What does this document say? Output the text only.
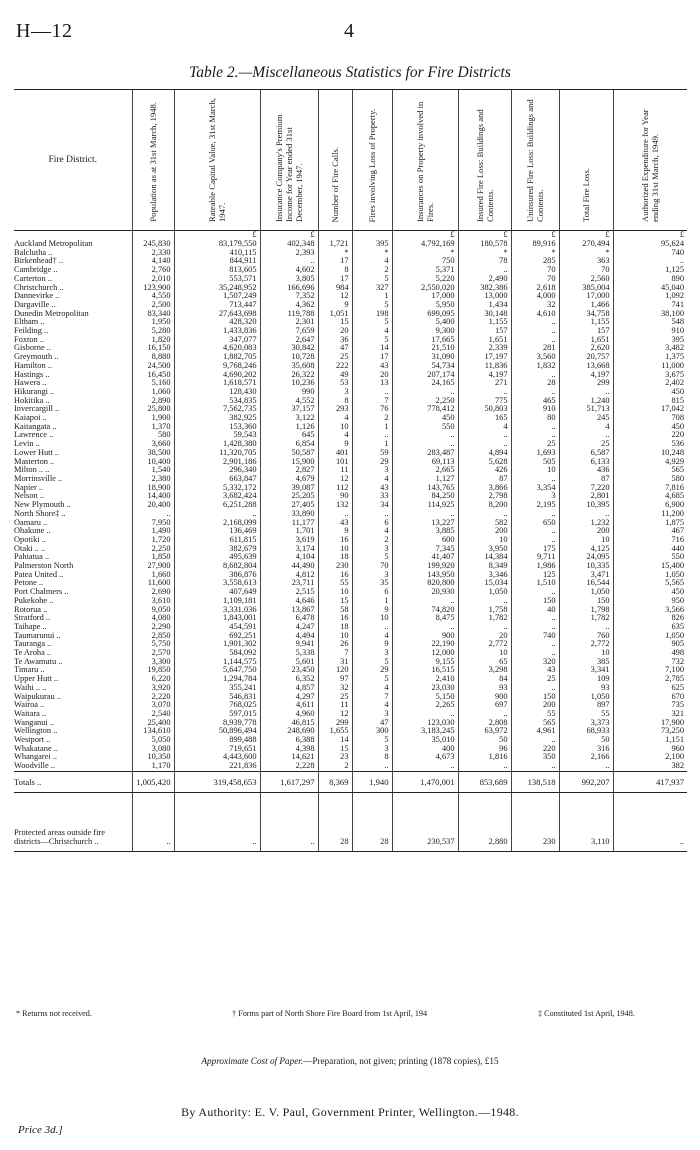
H—12	4
Table 2.—Miscellaneous Statistics for Fire Districts
Fire District.	Population as at 31st March, 1948.	Rateable Capital Value, 31st March, 1947.	Insurance Company's Premium Income for Year ended 31st December, 1947.	Number of Fire Calls.	Fires involving Loss of Property.	Insurances on Property involved in Fires.	Insured Fire Loss: Buildings and Contents.	Uninsured Fire Loss: Buildings and Contents.	Total Fire Loss.	Authorized Expenditure for Year ending 31st March, 1949.

		£	£			£	£	£	£	£
Auckland Metropolitan	245,830	83,179,550	402,348	1,721	395	4,792,169	180,578	89,916	270,494	95,624
Balclutha ..	2,330	410,115	2,393	*	*	*	*	*	*	740
Birkenhead† ..	4,140	844,911	..	17	4	750	78	285	363	..
Cambridge ..	2,760	813,605	4,602	8	2	5,371	..	70	70	1,125
Carterton ..	2,010	553,571	3,805	17	5	5,220	2,490	70	2,560	890
Christchurch ..	123,900	35,248,952	166,696	984	327	2,550,020	382,386	2,618	385,004	45,040
Dannevirke ..	4,550	1,507,249	7,352	12	1	17,000	13,000	4,000	17,000	1,092
Dargaville ..	2,500	713,447	4,362	9	5	5,950	1,434	32	1,466	741
Dunedin Metropolitan	83,340	27,643,698	119,788	1,051	198	699,095	30,148	4,610	34,758	38,100
Eltham ..	1,950	428,320	2,301	15	5	5,400	1,155	..	1,155	548
Feilding ..	5,280	1,433,836	7,659	20	4	9,300	157	..	157	910
Foxton ..	1,820	347,077	2,647	36	5	17,665	1,651	..	1,651	395
Gisborne ..	16,150	4,620,083	30,842	47	14	21,510	2,339	281	2,620	3,482
Greymouth ..	8,880	1,882,705	10,728	25	17	31,090	17,197	3,560	20,757	1,375
Hamilton ..	24,500	9,768,246	35,608	222	43	54,734	11,836	1,832	13,668	11,000
Hastings ..	16,450	4,690,202	26,322	49	20	207,174	4,197	..	4,197	3,675
Hawera ..	5,160	1,618,571	10,236	53	13	24,165	271	28	299	2,402
Hikurangi ..	1,060	128,430	990	3	..	..	..	..	..	450
Hokitika ..	2,890	534,835	4,552	8	7	2,250	775	465	1,240	815
Invercargill ..	25,800	7,562,735	37,157	293	76	778,412	50,803	910	51,713	17,042
Kaiapoi ..	1,900	382,925	3,122	4	2	450	165	80	245	708
Kaitangata ..	1,370	153,360	1,126	10	1	550	4	..	4	450
Lawrence ..	580	59,543	645	4	..	..	..	..	..	220
Levin ..	3,660	1,428,380	6,854	9	1	..	..	25	25	536
Lower Hutt ..	38,500	11,320,705	50,587	401	59	283,487	4,894	1,693	6,587	10,248
Masterton ..	10,400	2,901,186	15,900	101	29	69,113	5,628	505	6,133	4,929
Milton .. ..	1,540	296,340	2,827	11	3	2,665	426	10	436	565
Morrinsville ..	2,380	663,847	4,679	12	4	1,127	87	..	87	580
Napier ..	18,900	5,332,172	39,087	112	43	143,765	3,866	3,354	7,220	7,816
Nelson ..	14,400	3,682,424	25,205	90	33	84,250	2,798	3	2,801	4,685
New Plymouth ..	20,400	6,251,288	27,405	132	34	114,925	8,200	2,195	10,395	6,900
North Shore‡ ..	..	..	33,890	..	..	..	..	..	..	11,200
Oamaru ..	7,950	2,168,099	11,177	43	6	13,227	582	650	1,232	1,875
Ohakune ..	1,490	136,469	1,701	9	4	3,885	200	..	200	467
Opotiki ..	1,720	611,815	3,619	16	2	600	10	..	10	716
Otaki .. ..	2,250	382,679	3,174	10	3	7,345	3,950	175	4,125	440
Pahiatua ..	1,850	495,639	4,104	18	5	41,407	14,384	9,711	24,095	550
Palmerston North	27,900	8,682,804	44,490	230	70	199,920	8,349	1,986	10,335	15,400
Patea United ..	1,660	386,876	4,812	16	3	143,950	3,346	125	3,471	1,050
Petone ..	11,600	3,558,613	23,711	55	35	820,800	15,034	1,510	16,544	5,565
Port Chalmers ..	2,690	407,649	2,515	10	6	20,930	1,050	..	1,050	450
Pukekohe ..	3,610	1,109,181	4,646	15	1	..	..	150	150	950
Rotorua ..	9,050	3,331,036	13,867	58	9	74,820	1,758	40	1,798	3,566
Stratford ..	4,080	1,843,001	6,478	16	10	8,475	1,782	..	1,782	826
Taihape ..	2,290	454,591	4,247	18	..	..	..	..	..	635
Taumarunui ..	2,850	692,251	4,494	10	4	900	20	740	760	1,050
Tauranga ..	5,750	1,901,302	9,941	26	9	22,190	2,772	..	2,772	905
Te Aroha ..	2,570	584,092	5,338	7	3	12,000	10	..	10	498
Te Awamutu ..	3,300	1,144,575	5,601	31	5	9,155	65	320	385	732
Timaru ..	19,850	5,647,750	23,450	120	29	16,515	3,298	43	3,341	7,100
Upper Hutt ..	6,220	1,294,784	6,352	97	5	2,410	84	25	109	2,785
Waihi .. ..	3,920	355,241	4,857	32	4	23,030	93	..	93	625
Waipukurau ..	2,220	546,831	4,297	25	7	5,150	900	150	1,050	670
Wairoa ..	3,070	768,025	4,611	11	4	2,265	697	200	897	735
Waitara ..	2,540	597,015	4,960	12	3	..	..	55	55	321
Wanganui ..	25,400	8,939,778	46,815	299	47	123,030	2,808	565	3,373	17,900
Wellington ..	134,610	50,896,494	248,690	1,655	300	3,183,245	63,972	4,961	68,933	73,250
Westport ..	5,050	899,488	6,388	14	5	35,010	50	..	50	1,151
Whakatane ..	3,080	719,651	4,398	15	3	400	96	220	316	960
Whangarei ..	10,350	4,443,600	14,621	23	8	4,673	1,816	350	2,166	2,100
Woodville ..	1,170	221,836	2,228	2	..	..	..	..	..	382
Totals ..	1,005,420	319,458,653	1,617,297	8,369	1,940	1,470,001	853,689	138,518	992,207	417,937
Protected areas outside fire districts—Christchurch ..	..	..	..	28	28	230,537	2,880	230	3,110	..
* Returns not received.	† Forms part of North Shore Fire Board from 1st April, 194	‡ Constituted 1st April, 1948.
Approximate Cost of Paper.—Preparation, not given; printing (1878 copies), £15
By Authority: E. V. Paul, Government Printer, Wellington.—1948.
Price 3d.]
